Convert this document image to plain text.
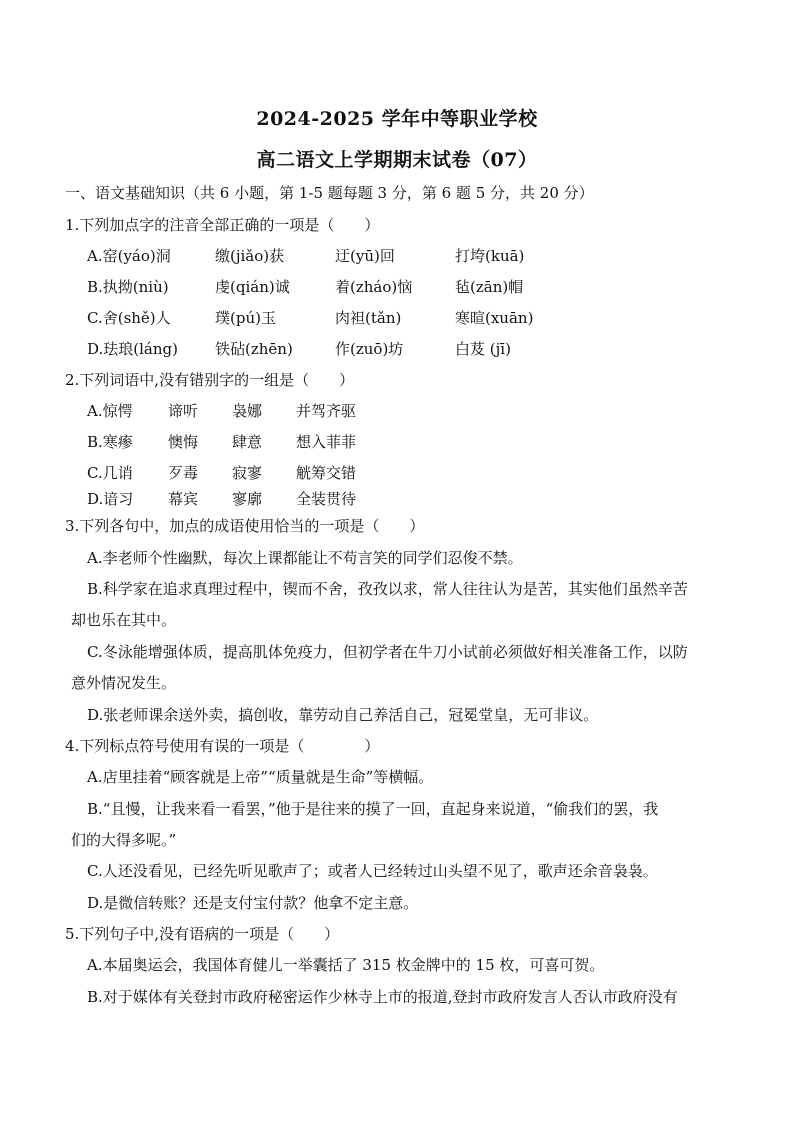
2024-2025 学年中等职业学校
高二语文上学期期末试卷（07）
一、语文基础知识（共 6 小题，第 1-5 题每题 3 分，第 6 题 5 分，共 20 分）
1.下列加点字的注音全部正确的一项是（　　）
A.窑(yáo)洞	缴(jiǎo)获	迂(yū)回	打垮(kuā)
B.执拗(niù)	虔(qián)诚	着(zháo)恼	毡(zān)帽
C.舍(shě)人	璞(pú)玉	肉袒(tǎn)	寒暄(xuān)
D.珐琅(láng) 铁砧(zhēn)	作(zuō)坊	白芨 (jī)
2.下列词语中,没有错别字的一组是（　　）
A.惊愕 谛听 袅娜 并驾齐驱
B.寒瘆 懊悔 肆意 想入菲菲
C.几诮 歹毒 寂寥 觥筹交错
D.谙习 幕宾 寥廓 全装贯待
3.下列各句中，加点的成语使用恰当的一项是（　　）
A.李老师个性幽默，每次上课都能让不苟言笑的同学们忍俊不禁。
B.科学家在追求真理过程中，锲而不舍，孜孜以求，常人往往认为是苦，其实他们虽然辛苦
却也乐在其中。
C.冬泳能增强体质，提高肌体免疫力，但初学者在牛刀小试前必须做好相关准备工作，以防
意外情况发生。
D.张老师课余送外卖，搞创收，靠劳动自己养活自己，冠冕堂皇，无可非议。
4.下列标点符号使用有误的一项是（　　　　）
A.店里挂着“顾客就是上帝”“质量就是生命”等横幅。
B.“且慢，让我来看一看罢，”他于是往来的摸了一回，直起身来说道，“偷我们的罢，我
们的大得多呢。”
C.人还没看见，已经先听见歌声了；或者人已经转过山头望不见了，歌声还余音袅袅。
D.是微信转账？还是支付宝付款？他拿不定主意。
5.下列句子中,没有语病的一项是（　　）
A.本届奥运会，我国体育健儿一举囊括了 315 枚金牌中的 15 枚，可喜可贺。
B.对于媒体有关登封市政府秘密运作少林寺上市的报道,登封市政府发言人否认市政府没有
